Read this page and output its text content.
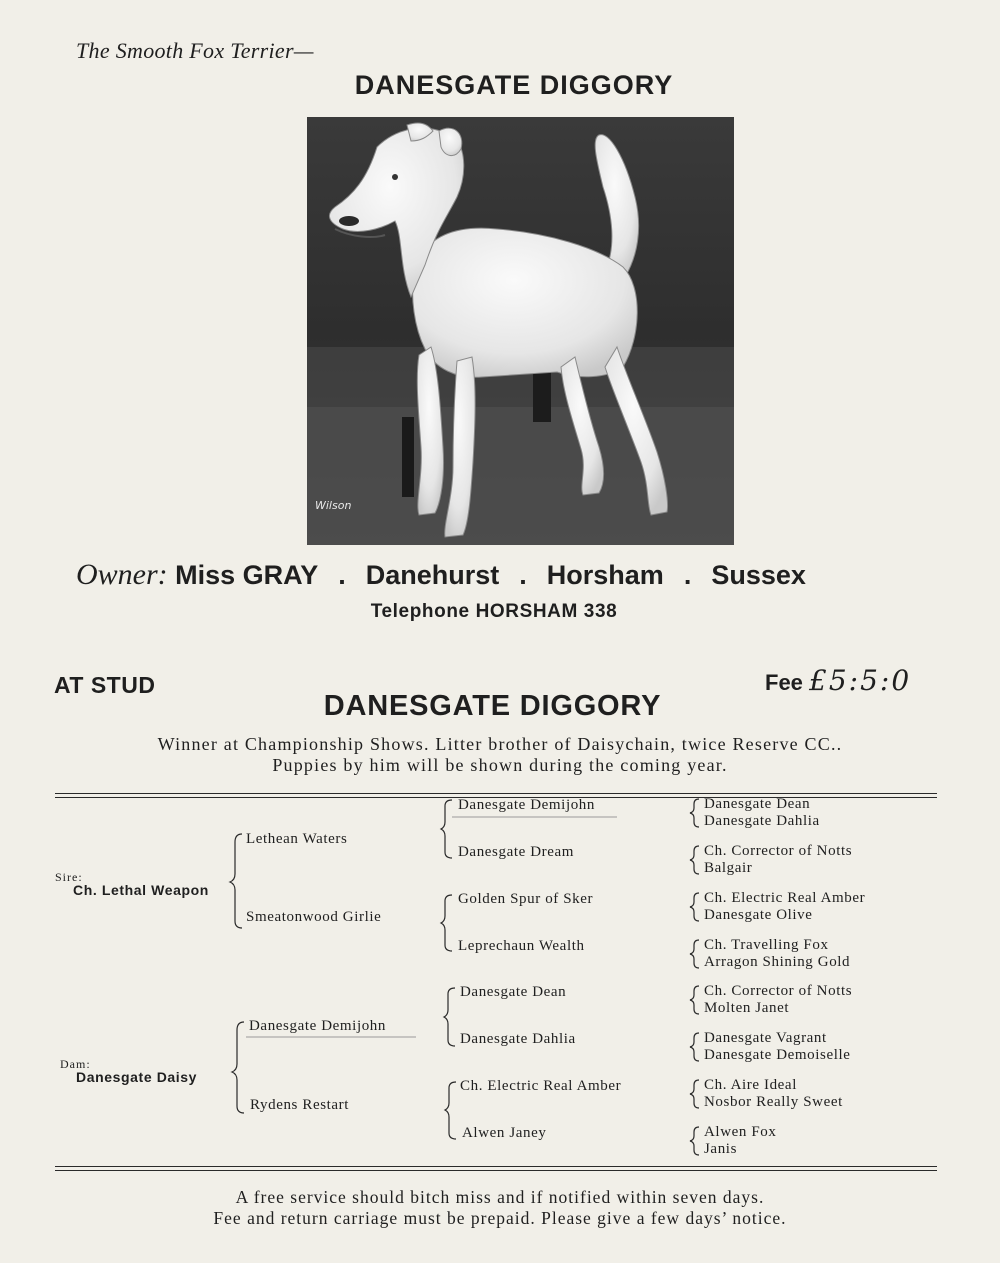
The Smooth Fox Terrier—
DANESGATE DIGGORY
Wilson
Owner: Miss GRAY . Danehurst . Horsham . Sussex
Telephone HORSHAM 338
AT STUD	Fee £5:5:0
DANESGATE DIGGORY
Winner at Championship Shows. Litter brother of Daisychain, twice Reserve CC..
Puppies by him will be shown during the coming year.
Sire:
Ch. Lethal Weapon
Dam:
Danesgate Daisy
Lethean Waters
Smeatonwood Girlie
Danesgate Demijohn
Rydens Restart
Danesgate Demijohn
Danesgate Dream
Golden Spur of Sker
Leprechaun Wealth
Danesgate Dean
Danesgate Dahlia
Ch. Electric Real Amber
Alwen Janey
Danesgate Dean
Danesgate Dahlia
Ch. Corrector of Notts
Balgair
Ch. Electric Real Amber
Danesgate Olive
Ch. Travelling Fox
Arragon Shining Gold
Ch. Corrector of Notts
Molten Janet
Danesgate Vagrant
Danesgate Demoiselle
Ch. Aire Ideal
Nosbor Really Sweet
Alwen Fox
Janis
A free service should bitch miss and if notified within seven days.
Fee and return carriage must be prepaid. Please give a few days’ notice.
